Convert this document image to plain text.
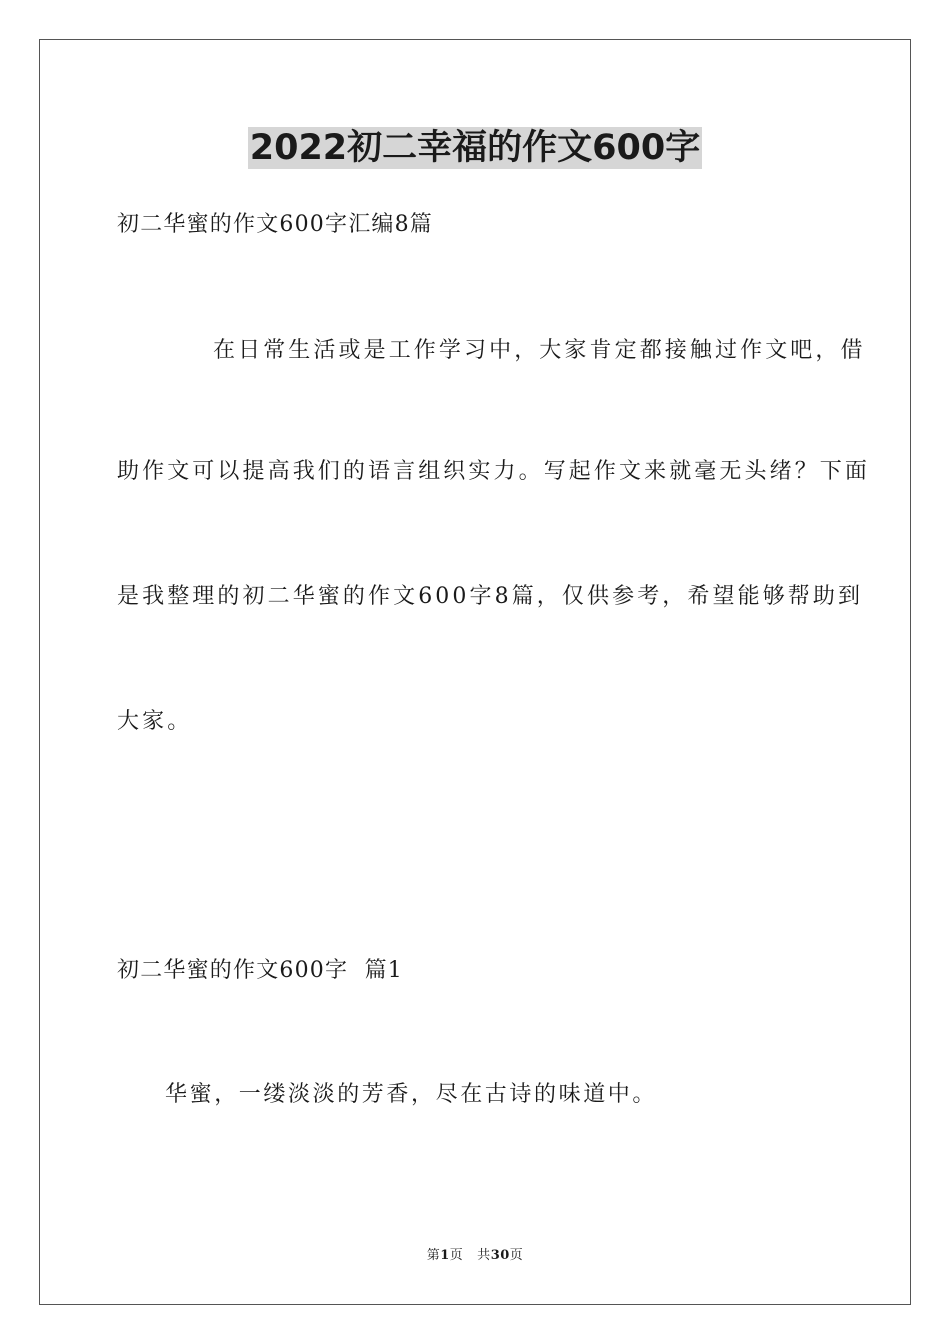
2022初二幸福的作文600字
初二华蜜的作文600字汇编8篇
在日常生活或是工作学习中，大家肯定都接触过作文吧，借
助作文可以提高我们的语言组织实力。写起作文来就毫无头绪？下面
是我整理的初二华蜜的作文600字8篇，仅供参考，希望能够帮助到
大家。
初二华蜜的作文600字  篇1
华蜜，一缕淡淡的芳香，尽在古诗的味道中。
第1页 共30页
